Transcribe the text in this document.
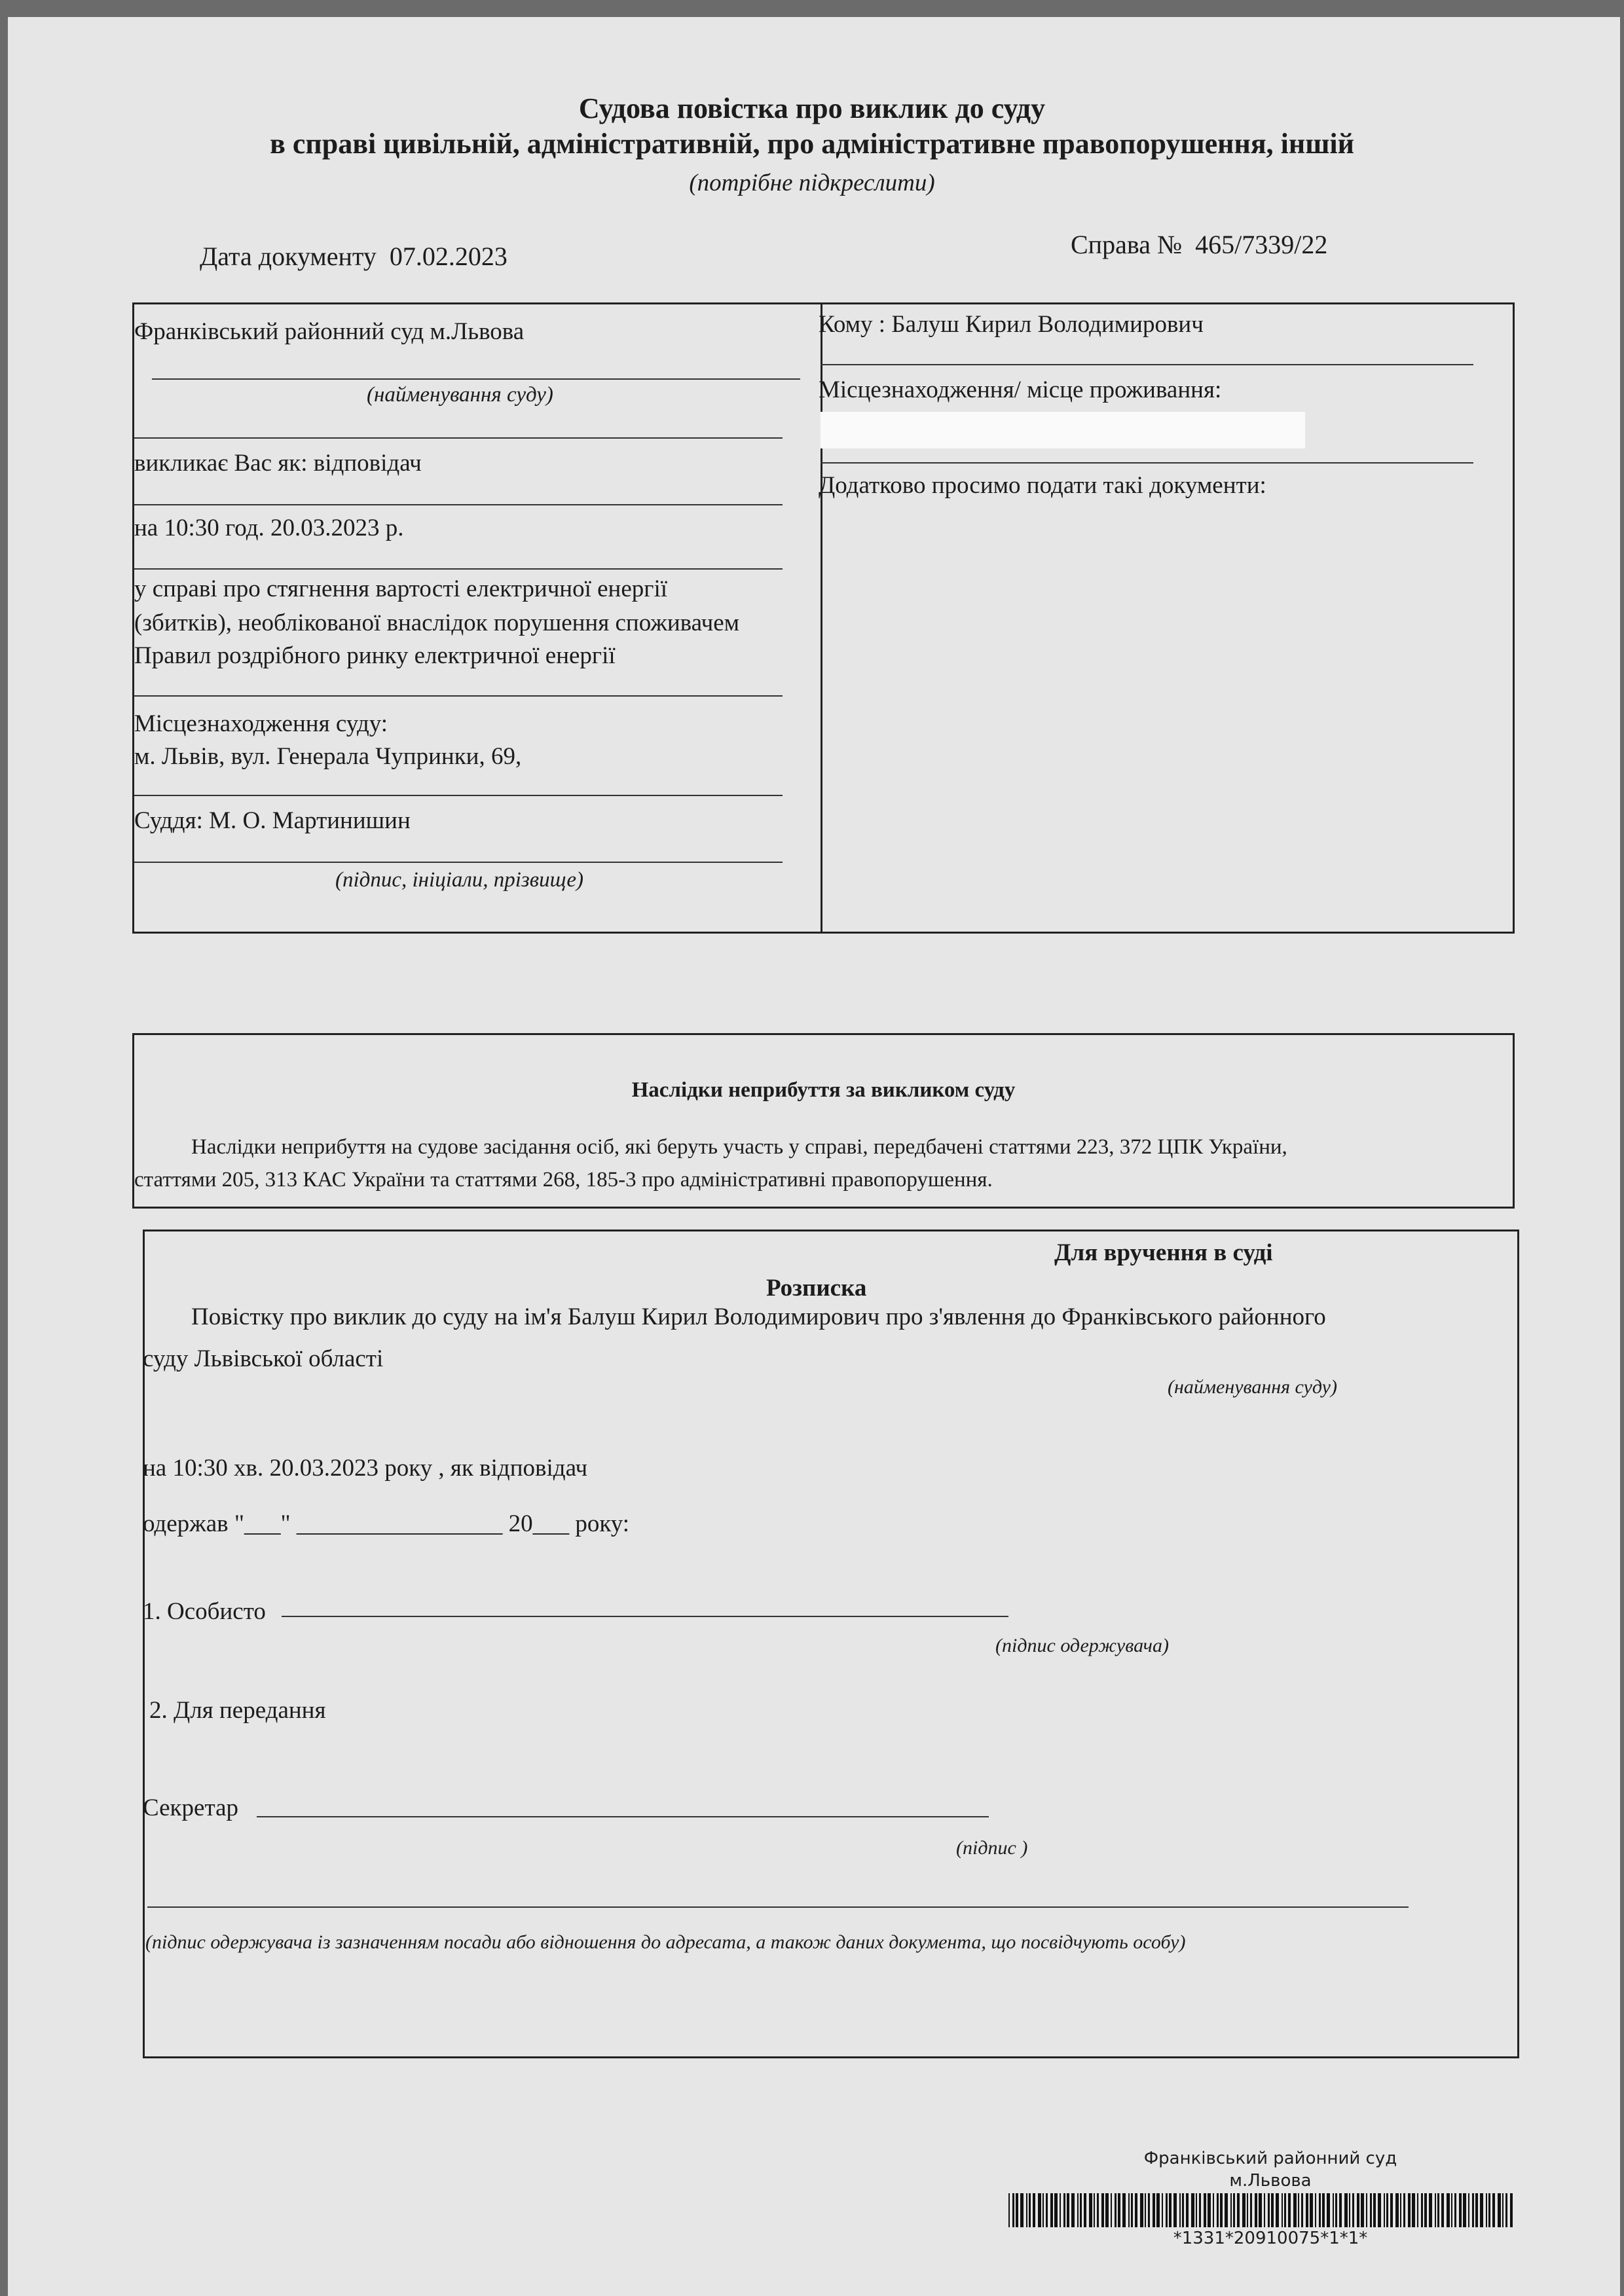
Судова повістка про виклик до суду
в справі цивільній, адміністративній, про адміністративне правопорушення, іншій
(потрібне підкреслити)
Дата документу 07.02.2023	Справа № 465/7339/22
Франківський районний суд м.Львова
(найменування суду)
викликає Вас як: відповідач
на 10:30 год. 20.03.2023 р.
у справі про стягнення вартості електричної енергії
(збитків), необлікованої внаслідок порушення споживачем
Правил роздрібного ринку електричної енергії
Місцезнаходження суду:
м. Львів, вул. Генерала Чупринки, 69,
Суддя: М. О. Мартинишин
(підпис, ініціали, прізвище)
Кому : Балуш Кирил Володимирович
Місцезнаходження/ місце проживання:
Додатково просимо подати такі документи:
Наслідки неприбуття за викликом суду
Наслідки неприбуття на судове засідання осіб, які беруть участь у справі, передбачені статтями 223, 372 ЦПК України,
статтями 205, 313 КАС України та статтями 268, 185-3 про адміністративні правопорушення.
Для вручення в суді
Розписка
Повістку про виклик до суду на ім'я Балуш Кирил Володимирович про з'явлення до Франківського районного
суду Львівської області
(найменування суду)
на 10:30 хв. 20.03.2023 року , як відповідач
одержав "___" _________________ 20___ року:
1. Особисто
(підпис одержувача)
2. Для передання
Секретар
(підпис )
(підпис одержувача із зазначенням посади або відношення до адресата, а також даних документа, що посвідчують особу)
Франківський районний суд
м.Львова
*1331*20910075*1*1*
